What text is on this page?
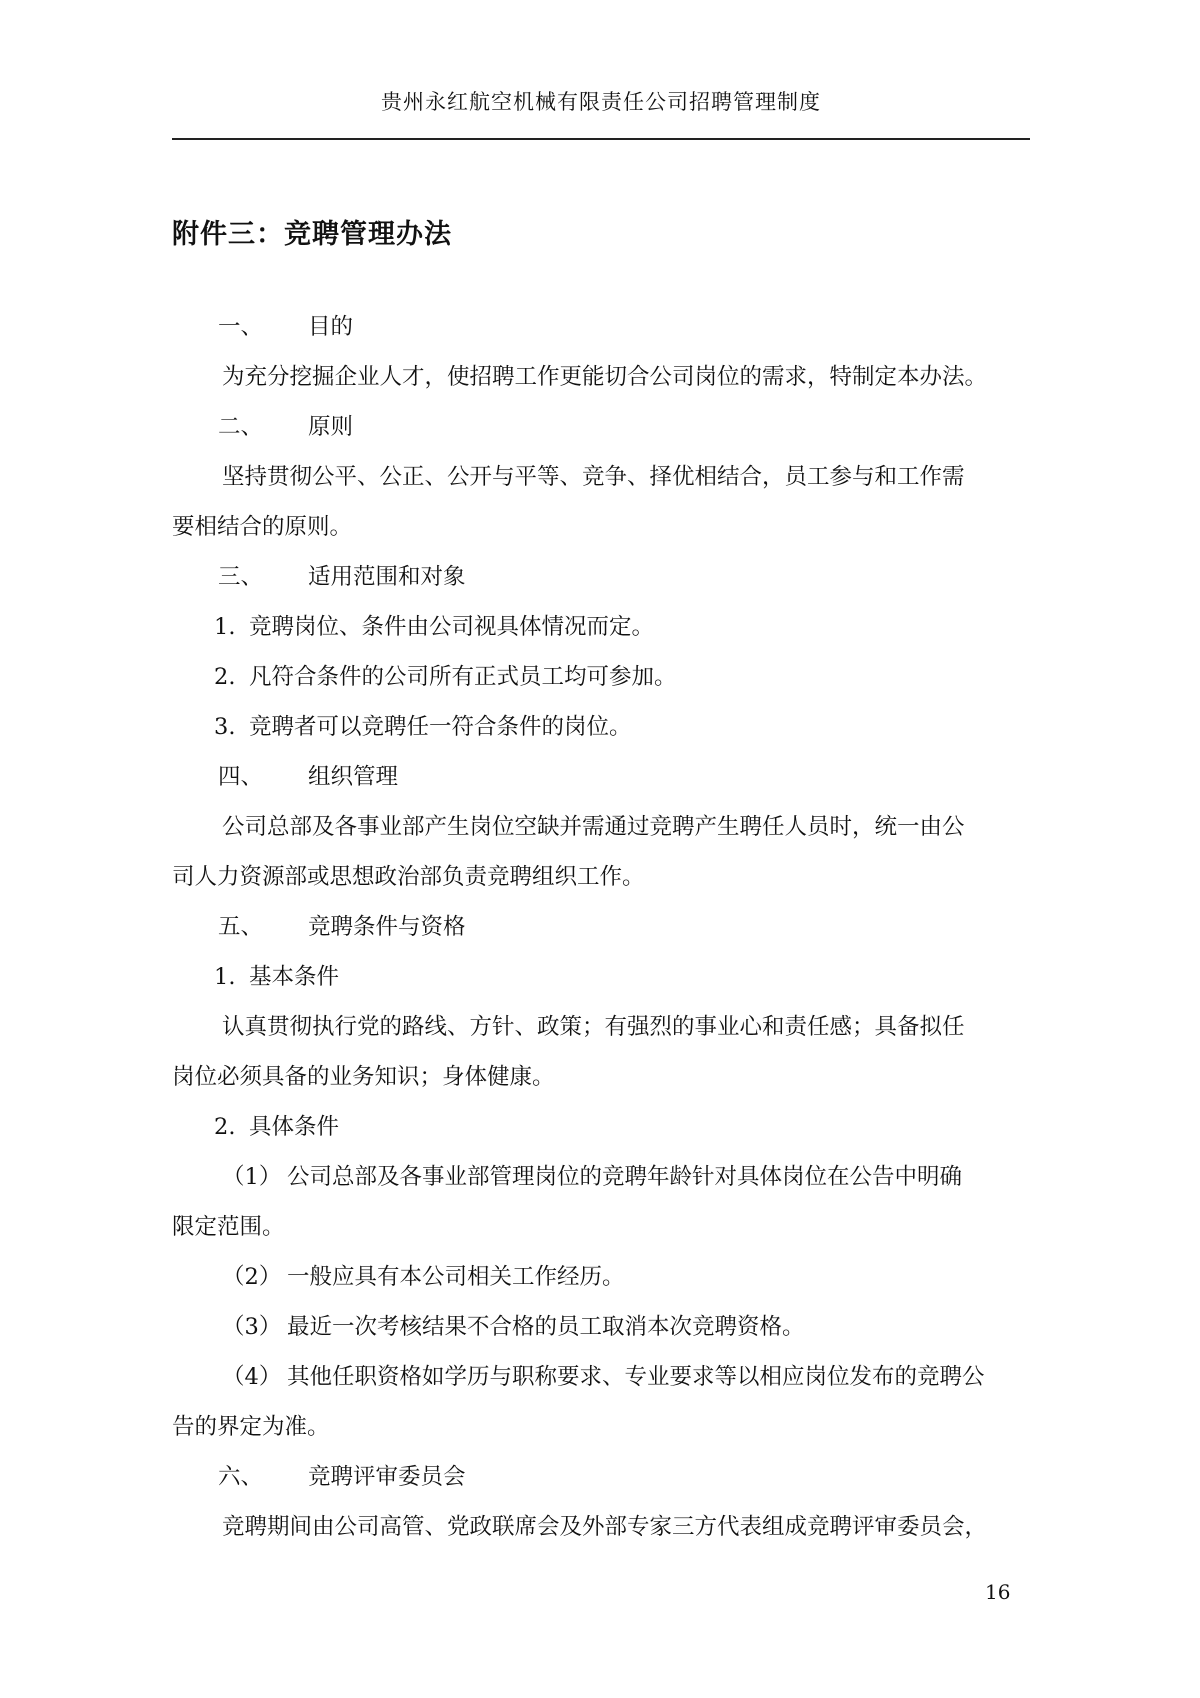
贵州永红航空机械有限责任公司招聘管理制度
附件三：竞聘管理办法
一、 目的
为充分挖掘企业人才，使招聘工作更能切合公司岗位的需求，特制定本办法。
二、 原则
坚持贯彻公平、公正、公开与平等、竞争、择优相结合，员工参与和工作需
要相结合的原则。
三、 适用范围和对象
1. 竞聘岗位、条件由公司视具体情况而定。
2. 凡符合条件的公司所有正式员工均可参加。
3. 竞聘者可以竞聘任一符合条件的岗位。
四、 组织管理
公司总部及各事业部产生岗位空缺并需通过竞聘产生聘任人员时，统一由公
司人力资源部或思想政治部负责竞聘组织工作。
五、 竞聘条件与资格
1. 基本条件
认真贯彻执行党的路线、方针、政策；有强烈的事业心和责任感；具备拟任
岗位必须具备的业务知识；身体健康。
2. 具体条件
（1） 公司总部及各事业部管理岗位的竞聘年龄针对具体岗位在公告中明确
限定范围。
（2） 一般应具有本公司相关工作经历。
（3） 最近一次考核结果不合格的员工取消本次竞聘资格。
（4） 其他任职资格如学历与职称要求、专业要求等以相应岗位发布的竞聘公
告的界定为准。
六、 竞聘评审委员会
竞聘期间由公司高管、党政联席会及外部专家三方代表组成竞聘评审委员会，
16
